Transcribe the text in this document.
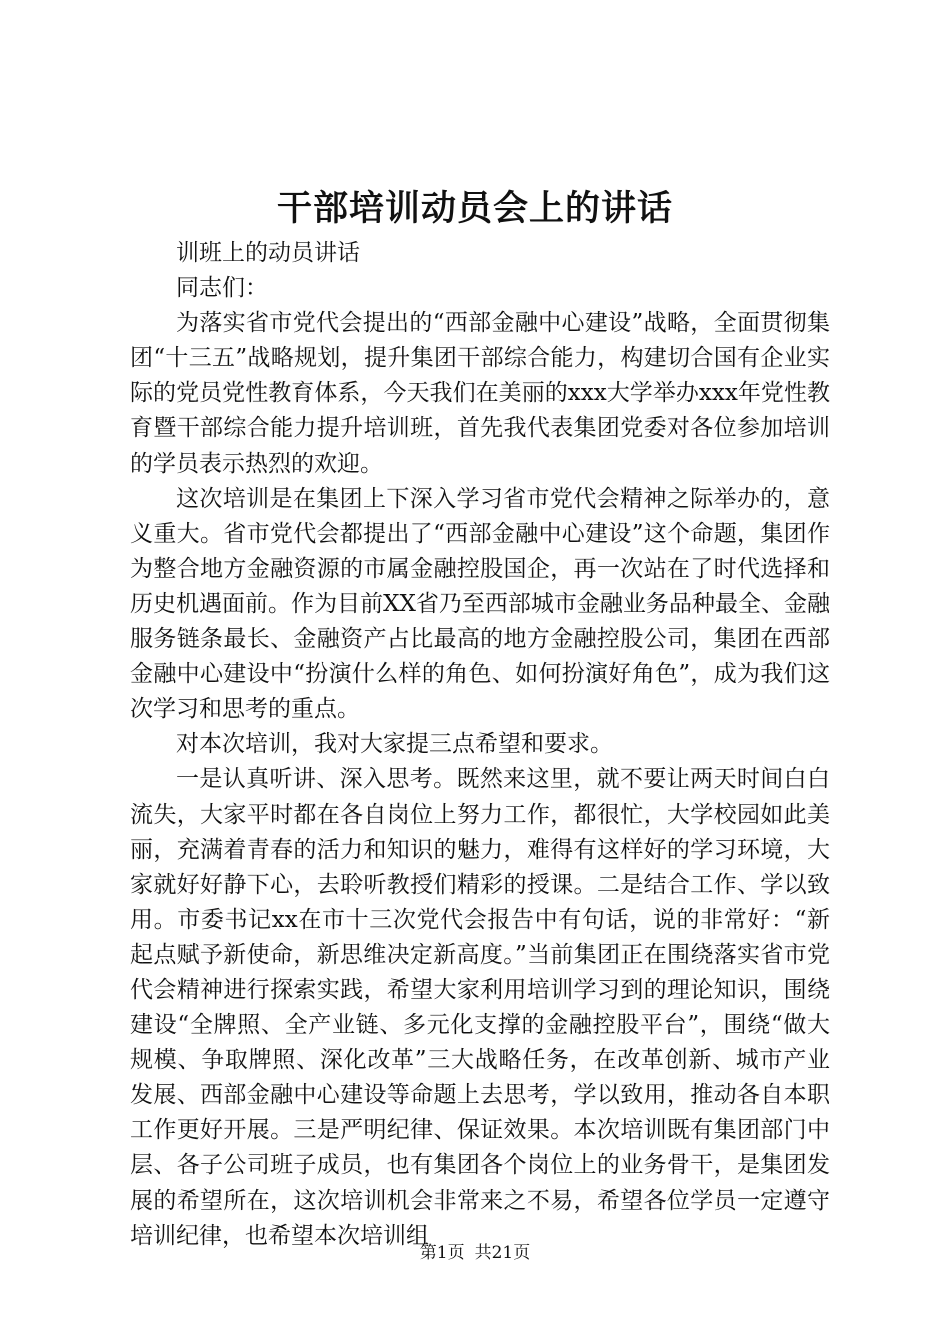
干部培训动员会上的讲话

训班上的动员讲话

同志们：

为落实省市党代会提出的“西部金融中心建设”战略，全面贯彻集团“十三五”战略规划，提升集团干部综合能力，构建切合国有企业实际的党员党性教育体系，今天我们在美丽的xxx大学举办xxx年党性教育暨干部综合能力提升培训班，首先我代表集团党委对各位参加培训的学员表示热烈的欢迎。

这次培训是在集团上下深入学习省市党代会精神之际举办的，意义重大。省市党代会都提出了“西部金融中心建设”这个命题，集团作为整合地方金融资源的市属金融控股国企，再一次站在了时代选择和历史机遇面前。作为目前XX省乃至西部城市金融业务品种最全、金融服务链条最长、金融资产占比最高的地方金融控股公司，集团在西部金融中心建设中“扮演什么样的角色、如何扮演好角色”，成为我们这次学习和思考的重点。

对本次培训，我对大家提三点希望和要求。

一是认真听讲、深入思考。既然来这里，就不要让两天时间白白流失，大家平时都在各自岗位上努力工作，都很忙，大学校园如此美丽，充满着青春的活力和知识的魅力，难得有这样好的学习环境，大家就好好静下心，去聆听教授们精彩的授课。二是结合工作、学以致用。市委书记xx在市十三次党代会报告中有句话，说的非常好：“新起点赋予新使命，新思维决定新高度。”当前集团正在围绕落实省市党代会精神进行探索实践，希望大家利用培训学习到的理论知识，围绕建设“全牌照、全产业链、多元化支撑的金融控股平台”，围绕“做大规模、争取牌照、深化改革”三大战略任务，在改革创新、城市产业发展、西部金融中心建设等命题上去思考，学以致用，推动各自本职工作更好开展。三是严明纪律、保证效果。本次培训既有集团部门中层、各子公司班子成员，也有集团各个岗位上的业务骨干，是集团发展的希望所在，这次培训机会非常来之不易，希望各位学员一定遵守培训纪律，也希望本次培训组

第1页 共21页
